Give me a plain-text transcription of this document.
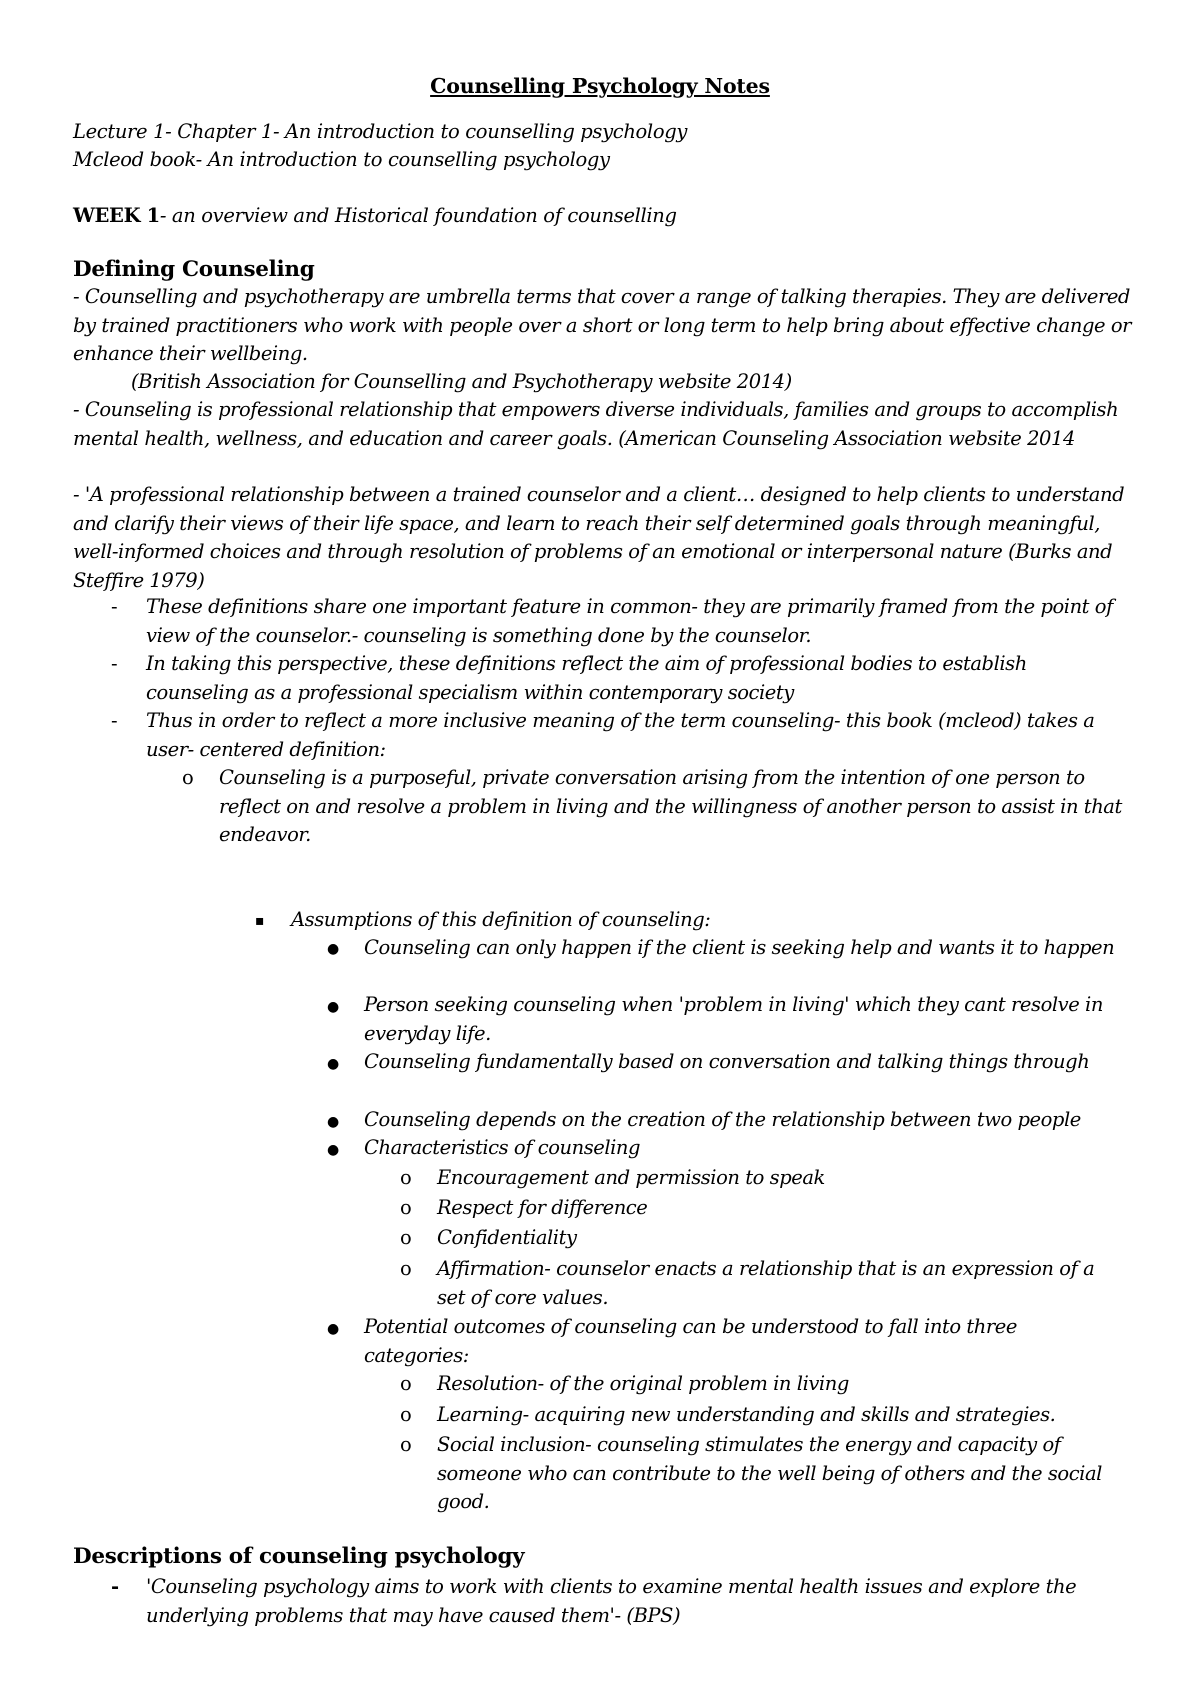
Counselling Psychology Notes
Lecture 1- Chapter 1- An introduction to counselling psychology
Mcleod book- An introduction to counselling psychology
WEEK 1- an overview and Historical foundation of counselling
Defining Counseling
- Counselling and psychotherapy are umbrella terms that cover a range of talking therapies. They are delivered by trained practitioners who work with people over a short or long term to help bring about effective change or enhance their wellbeing.
(British Association for Counselling and Psychotherapy website 2014)
- Counseling is professional relationship that empowers diverse individuals, families and groups to accomplish mental health, wellness, and education and career goals. (American Counseling Association website 2014
- 'A professional relationship between a trained counselor and a client… designed to help clients to understand and clarify their views of their life space, and learn to reach their self determined goals through meaningful, well-informed choices and through resolution of problems of an emotional or interpersonal nature (Burks and Steffire 1979)
- These definitions share one important feature in common- they are primarily framed from the point of view of the counselor.- counseling is something done by the counselor.
- In taking this perspective, these definitions reflect the aim of professional bodies to establish counseling as a professional specialism within contemporary society
- Thus in order to reflect a more inclusive meaning of the term counseling- this book (mcleod) takes a user- centered definition:
o Counseling is a purposeful, private conversation arising from the intention of one person to reflect on and resolve a problem in living and the willingness of another person to assist in that endeavor.
▪ Assumptions of this definition of counseling:
● Counseling can only happen if the client is seeking help and wants it to happen
● Person seeking counseling when 'problem in living' which they cant resolve in everyday life.
● Counseling fundamentally based on conversation and talking things through
● Counseling depends on the creation of the relationship between two people
● Characteristics of counseling
o Encouragement and permission to speak
o Respect for difference
o Confidentiality
o Affirmation- counselor enacts a relationship that is an expression of a set of core values.
● Potential outcomes of counseling can be understood to fall into three categories:
o Resolution- of the original problem in living
o Learning- acquiring new understanding and skills and strategies.
o Social inclusion- counseling stimulates the energy and capacity of someone who can contribute to the well being of others and the social good.
Descriptions of counseling psychology
- 'Counseling psychology aims to work with clients to examine mental health issues and explore the underlying problems that may have caused them'- (BPS)
